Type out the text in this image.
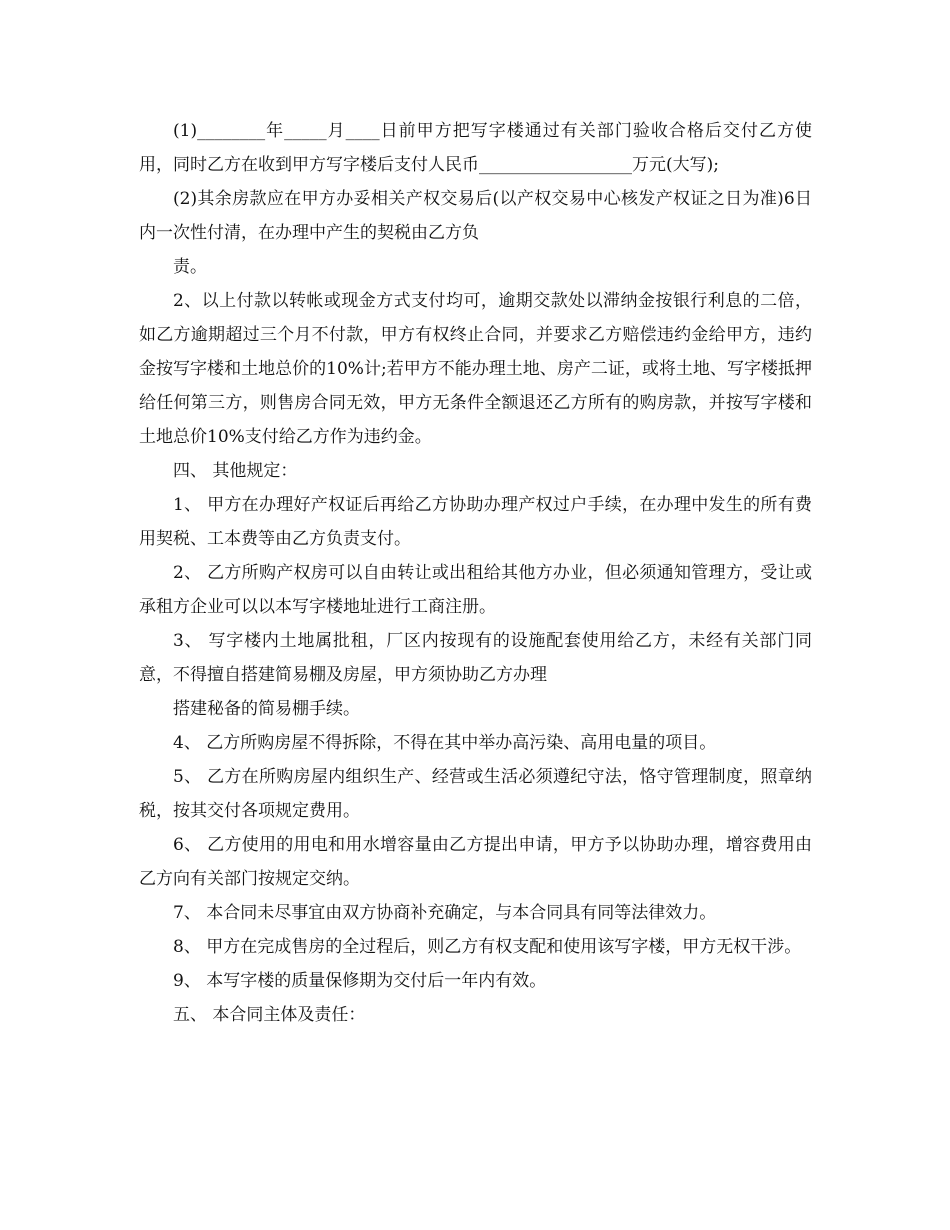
(1)________年_____月____日前甲方把写字楼通过有关部门验收合格后交付乙方使用，同时乙方在收到甲方写字楼后支付人民币__________________万元(大写);

(2)其余房款应在甲方办妥相关产权交易后(以产权交易中心核发产权证之日为准)6日内一次性付清，在办理中产生的契税由乙方负

责。

2、以上付款以转帐或现金方式支付均可，逾期交款处以滞纳金按银行利息的二倍，如乙方逾期超过三个月不付款，甲方有权终止合同，并要求乙方赔偿违约金给甲方，违约金按写字楼和土地总价的10%计;若甲方不能办理土地、房产二证，或将土地、写字楼抵押给任何第三方，则售房合同无效，甲方无条件全额退还乙方所有的购房款，并按写字楼和土地总价10%支付给乙方作为违约金。

四、 其他规定：

1、 甲方在办理好产权证后再给乙方协助办理产权过户手续，在办理中发生的所有费用契税、工本费等由乙方负责支付。

2、 乙方所购产权房可以自由转让或出租给其他方办业，但必须通知管理方，受让或承租方企业可以以本写字楼地址进行工商注册。

3、 写字楼内土地属批租，厂区内按现有的设施配套使用给乙方，未经有关部门同意，不得擅自搭建简易棚及房屋，甲方须协助乙方办理

搭建秘备的简易棚手续。

4、 乙方所购房屋不得拆除，不得在其中举办高污染、高用电量的项目。

5、 乙方在所购房屋内组织生产、经营或生活必须遵纪守法，恪守管理制度，照章纳税，按其交付各项规定费用。

6、 乙方使用的用电和用水增容量由乙方提出申请，甲方予以协助办理，增容费用由乙方向有关部门按规定交纳。

7、 本合同未尽事宜由双方协商补充确定，与本合同具有同等法律效力。

8、 甲方在完成售房的全过程后，则乙方有权支配和使用该写字楼，甲方无权干涉。

9、 本写字楼的质量保修期为交付后一年内有效。

五、 本合同主体及责任：
